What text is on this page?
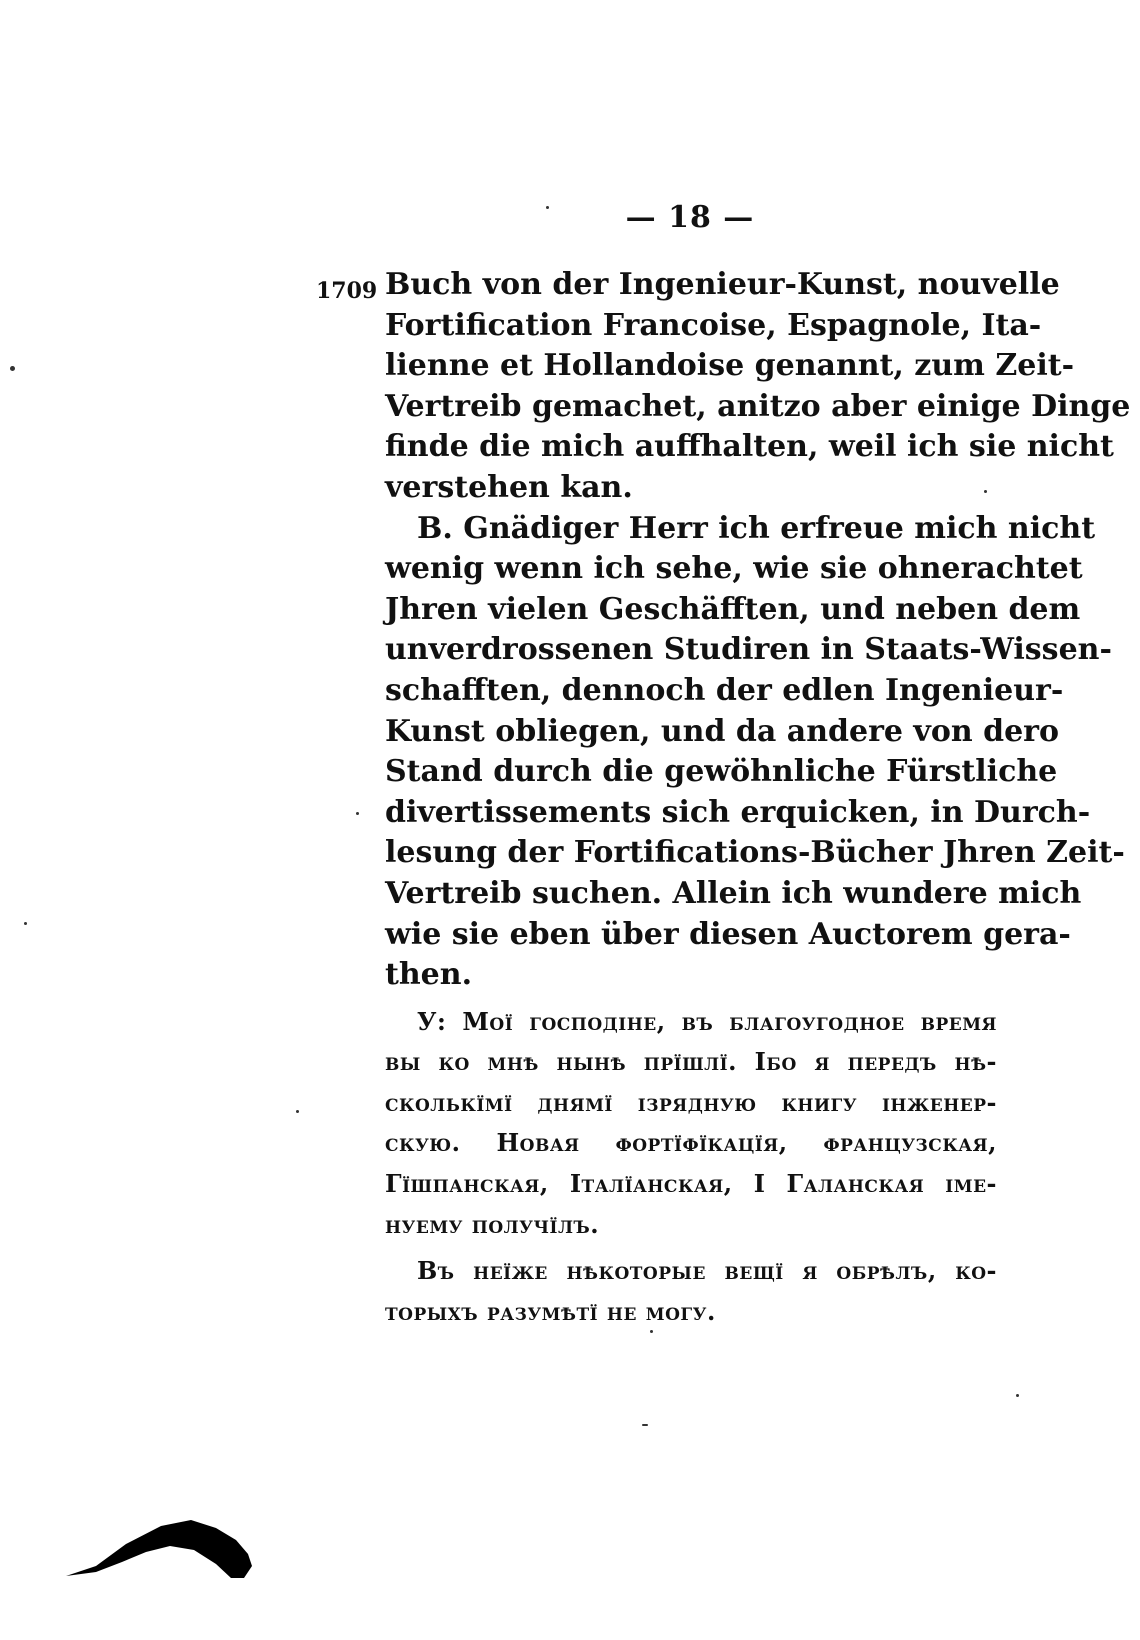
— 18 —
1709 Buch von der Ingenieur-Kunst, nouvelle
Fortification Francoise, Espagnole, Ita-
lienne et Hollandoise genannt, zum Zeit-
Vertreib gemachet, anitzo aber einige Dinge
finde die mich auffhalten, weil ich sie nicht
verstehen kan.
B. Gnädiger Herr ich erfreue mich nicht
wenig wenn ich sehe, wie sie ohnerachtet
Jhren vielen Geschäfften, und neben dem
unverdrossenen Studiren in Staats-Wissen-
schafften, dennoch der edlen Ingenieur-
Kunst obliegen, und da andere von dero
Stand durch die gewöhnliche Fürstliche
divertissements sich erquicken, in Durch-
lesung der Fortifications-Bücher Jhren Zeit-
Vertreib suchen. Allein ich wundere mich
wie sie eben über diesen Auctorem gera-
then.
У: Моï господiне, въ благоугодное время
вы ко мнѣ нынѣ прïшлï. Iбо я передъ нѣ-
сколькïмï днямï iзрядную книгу iнженер-
скую. Новая фортïфïкацïя, французская,
Гïшпанская, Iталïанская, I Галанская iме-
нуему получïлъ.
Въ неïже нѣкоторые вещï я обрѣлъ, ко-
торыхъ разумѣтï не могу.
